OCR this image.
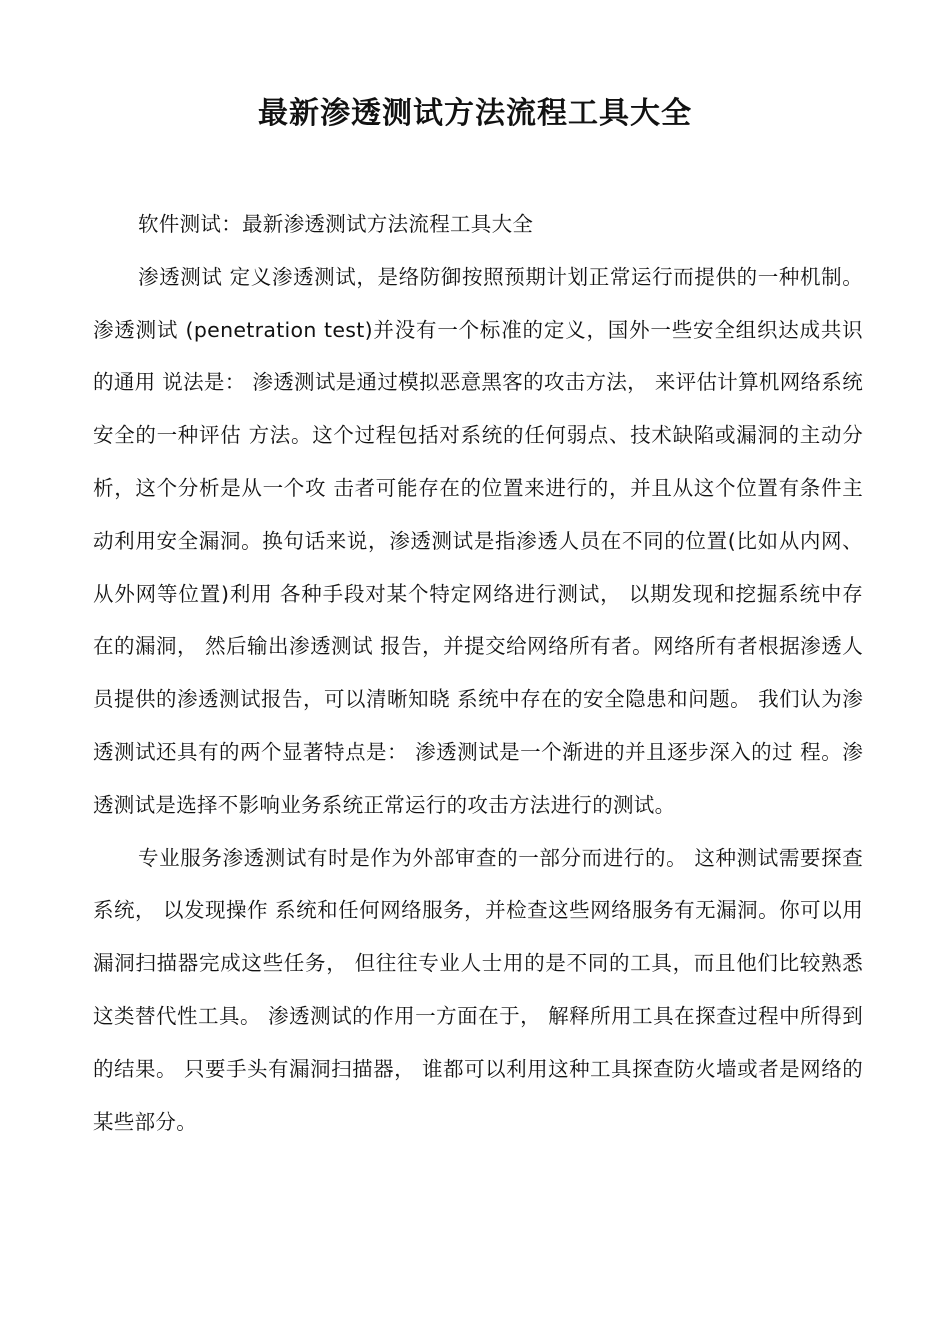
最新渗透测试方法流程工具大全

软件测试：最新渗透测试方法流程工具大全

渗透测试 定义渗透测试，是络防御按照预期计划正常运行而提供的一种机制。 渗透测试 (penetration test)并没有一个标准的定义，国外一些安全组织达成共识的通用 说法是： 渗透测试是通过模拟恶意黑客的攻击方法， 来评估计算机网络系统安全的一种评估 方法。这个过程包括对系统的任何弱点、技术缺陷或漏洞的主动分析，这个分析是从一个攻 击者可能存在的位置来进行的，并且从这个位置有条件主动利用安全漏洞。换句话来说，渗透测试是指渗透人员在不同的位置(比如从内网、从外网等位置)利用 各种手段对某个特定网络进行测试， 以期发现和挖掘系统中存在的漏洞， 然后输出渗透测试 报告，并提交给网络所有者。网络所有者根据渗透人员提供的渗透测试报告，可以清晰知晓 系统中存在的安全隐患和问题。 我们认为渗透测试还具有的两个显著特点是： 渗透测试是一个渐进的并且逐步深入的过 程。渗透测试是选择不影响业务系统正常运行的攻击方法进行的测试。

专业服务渗透测试有时是作为外部审查的一部分而进行的。 这种测试需要探查系统， 以发现操作 系统和任何网络服务，并检查这些网络服务有无漏洞。你可以用漏洞扫描器完成这些任务， 但往往专业人士用的是不同的工具，而且他们比较熟悉这类替代性工具。 渗透测试的作用一方面在于， 解释所用工具在探查过程中所得到的结果。 只要手头有漏洞扫描器， 谁都可以利用这种工具探查防火墙或者是网络的某些部分。
